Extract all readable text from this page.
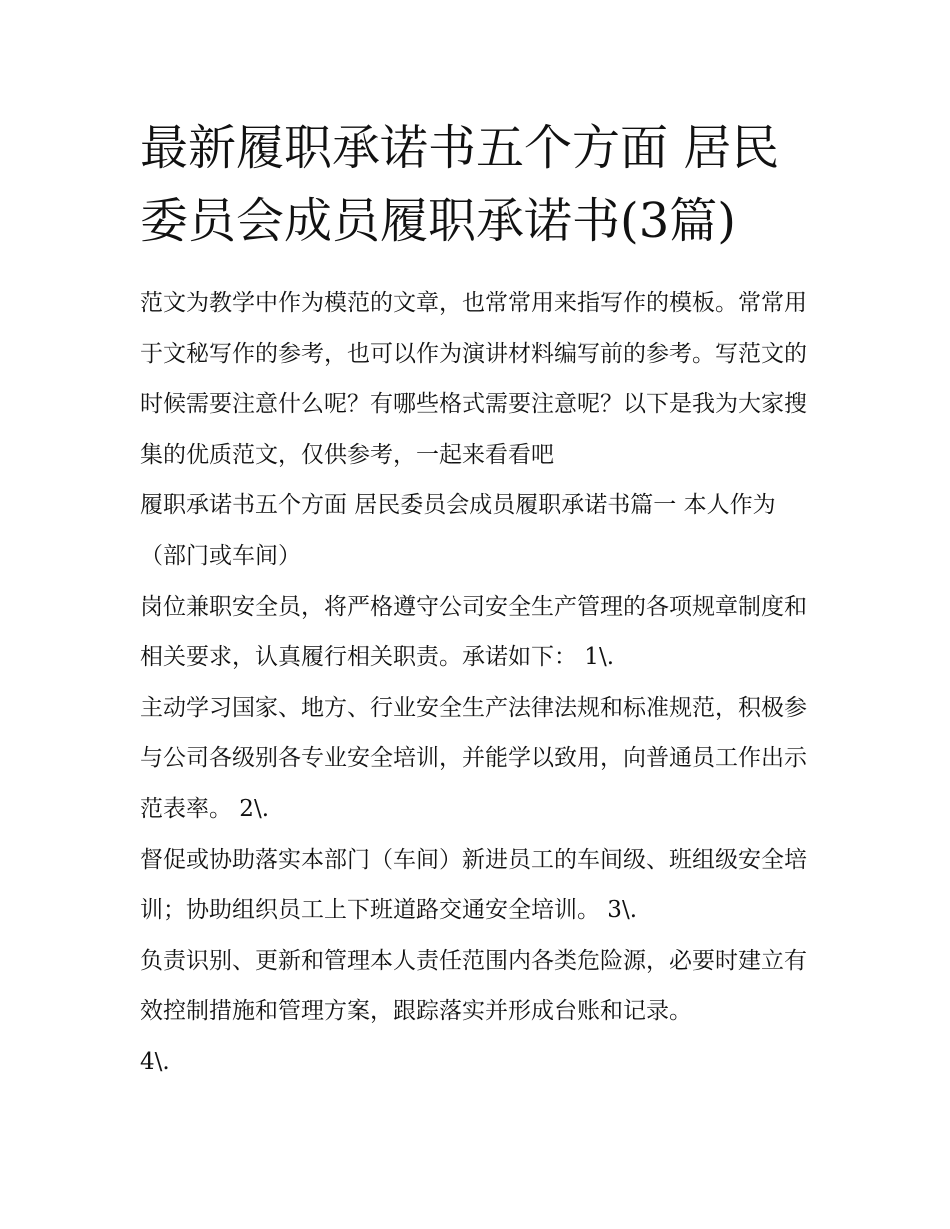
最新履职承诺书五个方面 居民委员会成员履职承诺书(3篇)

范文为教学中作为模范的文章，也常常用来指写作的模板。常常用于文秘写作的参考，也可以作为演讲材料编写前的参考。写范文的时候需要注意什么呢？有哪些格式需要注意呢？以下是我为大家搜集的优质范文，仅供参考，一起来看看吧

履职承诺书五个方面 居民委员会成员履职承诺书篇一 本人作为 （部门或车间）

岗位兼职安全员，将严格遵守公司安全生产管理的各项规章制度和相关要求，认真履行相关职责。承诺如下： 1\.

主动学习国家、地方、行业安全生产法律法规和标准规范，积极参与公司各级别各专业安全培训，并能学以致用，向普通员工作出示范表率。 2\.

督促或协助落实本部门（车间）新进员工的车间级、班组级安全培训；协助组织员工上下班道路交通安全培训。 3\.

负责识别、更新和管理本人责任范围内各类危险源，必要时建立有效控制措施和管理方案，跟踪落实并形成台账和记录。

4\.
